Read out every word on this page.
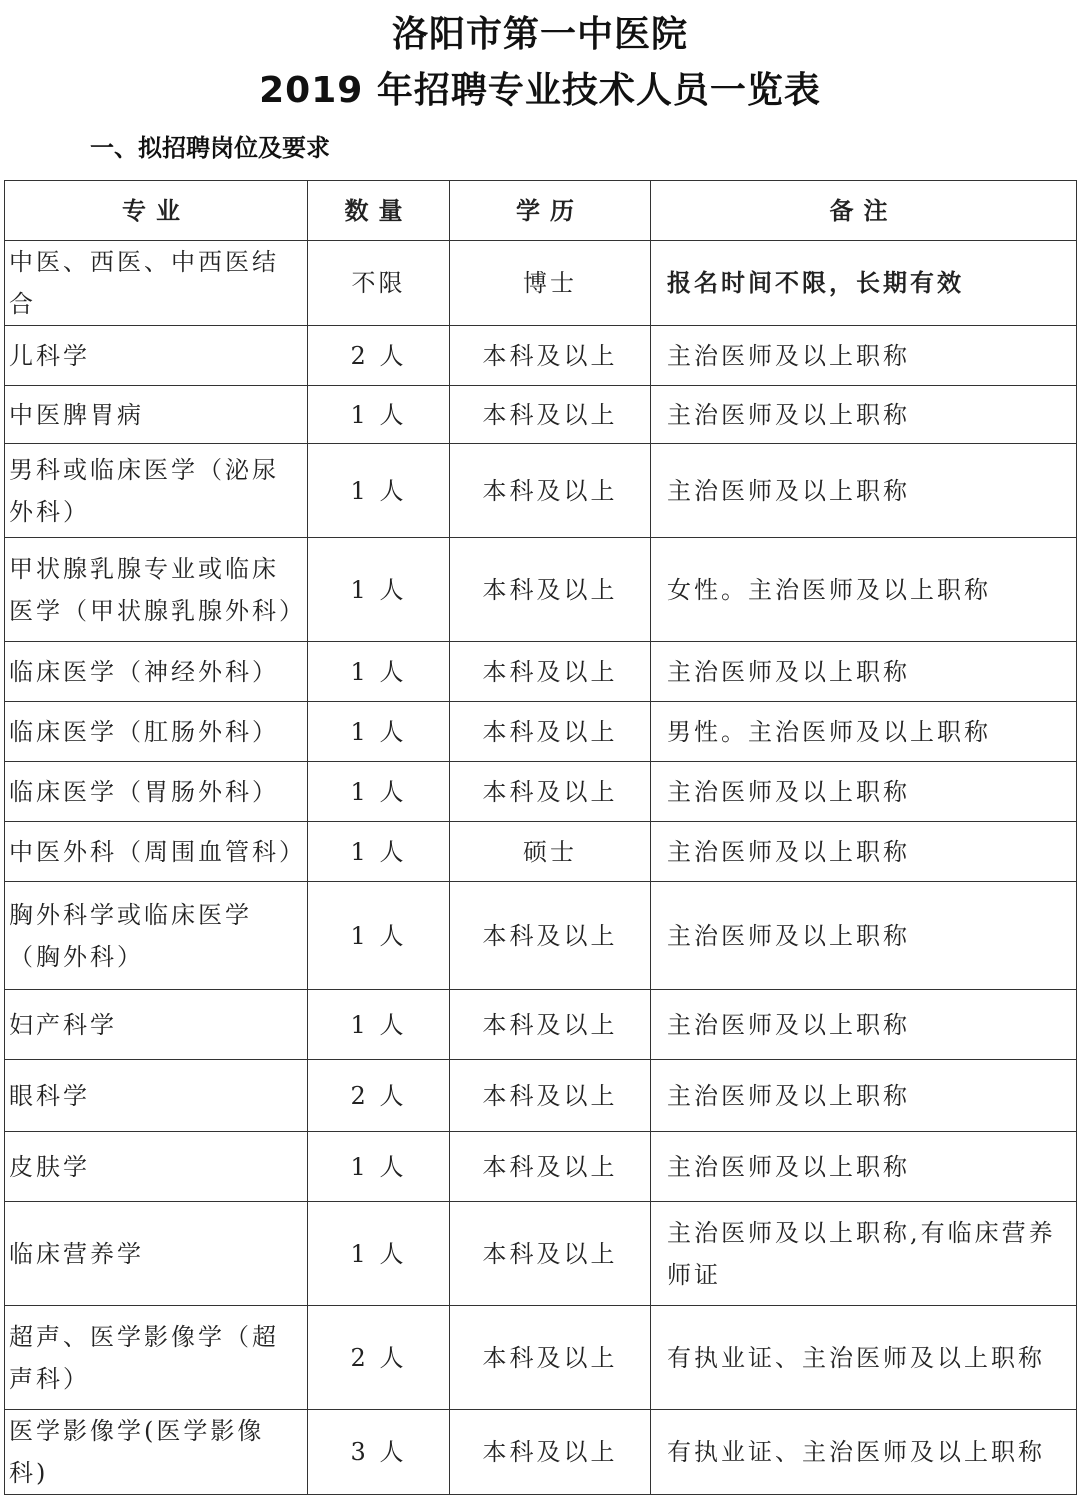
洛阳市第一中医院
2019 年招聘专业技术人员一览表
一、拟招聘岗位及要求
专业	数量	学历	备注
中医、西医、中西医结合	不限	博士	报名时间不限，长期有效
儿科学	2 人	本科及以上	主治医师及以上职称
中医脾胃病	1 人	本科及以上	主治医师及以上职称
男科或临床医学（泌尿外科）	1 人	本科及以上	主治医师及以上职称
甲状腺乳腺专业或临床医学（甲状腺乳腺外科）	1 人	本科及以上	女性。主治医师及以上职称
临床医学（神经外科）	1 人	本科及以上	主治医师及以上职称
临床医学（肛肠外科）	1 人	本科及以上	男性。主治医师及以上职称
临床医学（胃肠外科）	1 人	本科及以上	主治医师及以上职称
中医外科（周围血管科）	1 人	硕士	主治医师及以上职称
胸外科学或临床医学（胸外科）	1 人	本科及以上	主治医师及以上职称
妇产科学	1 人	本科及以上	主治医师及以上职称
眼科学	2 人	本科及以上	主治医师及以上职称
皮肤学	1 人	本科及以上	主治医师及以上职称
临床营养学	1 人	本科及以上	主治医师及以上职称,有临床营养师证
超声、医学影像学（超声科）	2 人	本科及以上	有执业证、主治医师及以上职称
医学影像学(医学影像科)	3 人	本科及以上	有执业证、主治医师及以上职称
